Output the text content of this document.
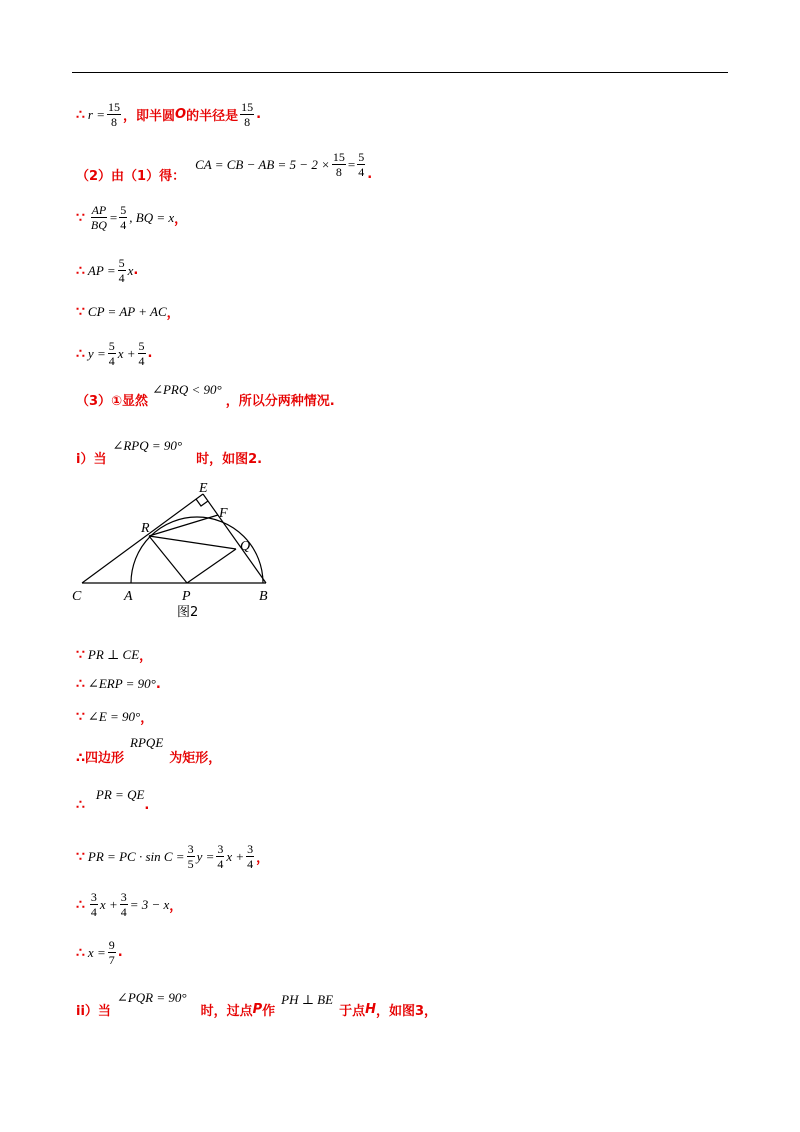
∴ $r = \frac{15}{8}$ ，即半圆 O 的半径是 $\frac{15}{8}$ .
（2）由（1）得：
CA = CB − AB = $5 - 2 \times \frac{15}{8} = \frac{5}{4}$ .
∵ $\frac{AP}{BQ} = \frac{5}{4}$ , BQ = x ，
∴ AP = $\frac{5}{4}$ x .
∵ CP = AP + AC ，
∴ $y = \frac{5}{4}$ $x + \frac{5}{4}$ .
（3）①显然
∠PRQ < 90°
，所以分两种情况.
i）当
∠RPQ = 90°
时，如图2.
E
F
R
Q
C	A	P	B
图2
∵ PR ⊥ CE ，
∴ ∠ERP = 90° .
∵ ∠E = 90° ，
∴四边形
RPQE
为矩形，
∴
PR = QE
.
∵ PR = PC · $\sin C = \frac{3}{5}$ $y = \frac{3}{4}$ $x + \frac{3}{4}$ ，
∴ $\frac{3}{4}$ $x + \frac{3}{4} = 3 - x$ ，
∴ $x = \frac{9}{7}$ .
ii）当
∠PQR = 90°
时，过点 P 作
PH ⊥ BE
于点 H ，如图3，
